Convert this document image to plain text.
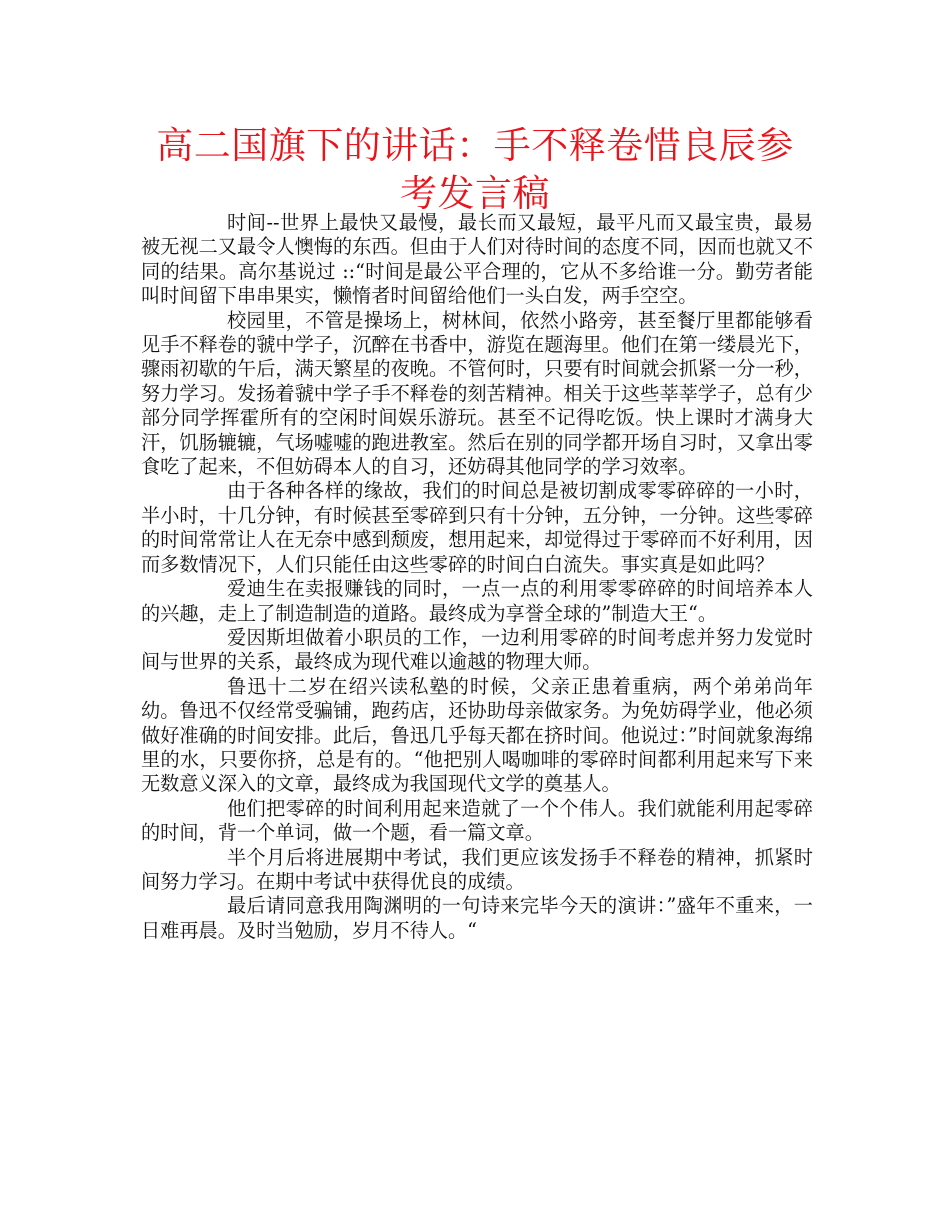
高二国旗下的讲话：手不释卷惜良辰参考发言稿

时间--世界上最快又最慢，最长而又最短，最平凡而又最宝贵，最易被无视二又最令人懊悔的东西。但由于人们对待时间的态度不同，因而也就又不同的结果。高尔基说过 ::“时间是最公平合理的，它从不多给谁一分。勤劳者能叫时间留下串串果实，懒惰者时间留给他们一头白发，两手空空。

校园里，不管是操场上，树林间，依然小路旁，甚至餐厅里都能够看见手不释卷的虢中学子，沉醉在书香中，游览在题海里。他们在第一缕晨光下，骤雨初歇的午后，满天繁星的夜晚。不管何时，只要有时间就会抓紧一分一秒，努力学习。发扬着虢中学子手不释卷的刻苦精神。相关于这些莘莘学子，总有少部分同学挥霍所有的空闲时间娱乐游玩。甚至不记得吃饭。快上课时才满身大汗，饥肠辘辘，气场嘘嘘的跑进教室。然后在别的同学都开场自习时，又拿出零食吃了起来，不但妨碍本人的自习，还妨碍其他同学的学习效率。

由于各种各样的缘故，我们的时间总是被切割成零零碎碎的一小时，半小时，十几分钟，有时候甚至零碎到只有十分钟，五分钟，一分钟。这些零碎的时间常常让人在无奈中感到颓废，想用起来，却觉得过于零碎而不好利用，因而多数情况下，人们只能任由这些零碎的时间白白流失。事实真是如此吗？

爱迪生在卖报赚钱的同时，一点一点的利用零零碎碎的时间培养本人的兴趣，走上了制造制造的道路。最终成为享誉全球的”制造大王“。

爱因斯坦做着小职员的工作，一边利用零碎的时间考虑并努力发觉时间与世界的关系，最终成为现代难以逾越的物理大师。

鲁迅十二岁在绍兴读私塾的时候，父亲正患着重病，两个弟弟尚年幼。鲁迅不仅经常受骗铺，跑药店，还协助母亲做家务。为免妨碍学业，他必须做好准确的时间安排。此后，鲁迅几乎每天都在挤时间。他说过：”时间就象海绵里的水，只要你挤，总是有的。“他把别人喝咖啡的零碎时间都利用起来写下来无数意义深入的文章，最终成为我国现代文学的奠基人。

他们把零碎的时间利用起来造就了一个个伟人。我们就能利用起零碎的时间，背一个单词，做一个题，看一篇文章。

半个月后将进展期中考试，我们更应该发扬手不释卷的精神，抓紧时间努力学习。在期中考试中获得优良的成绩。

最后请同意我用陶渊明的一句诗来完毕今天的演讲：”盛年不重来，一日难再晨。及时当勉励，岁月不待人。“
